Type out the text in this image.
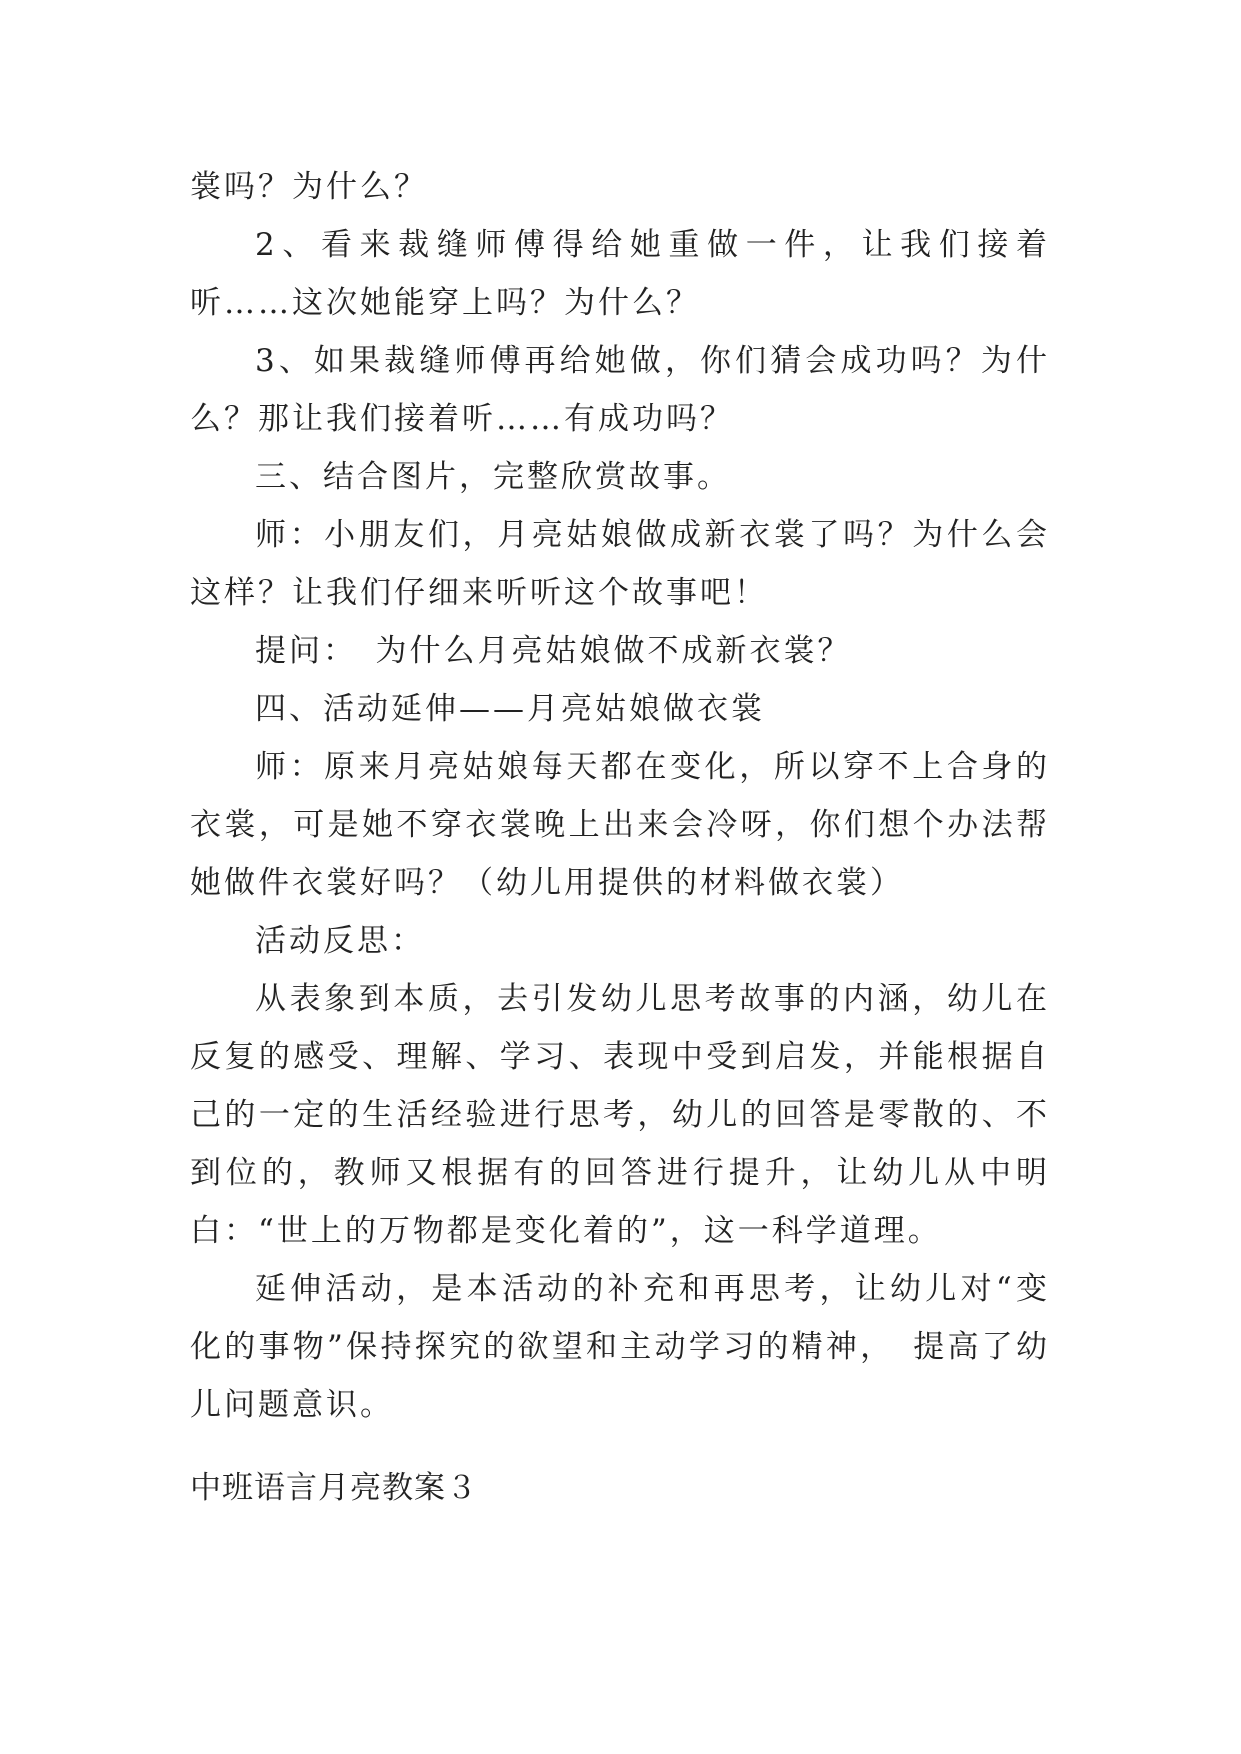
裳吗？为什么？

2、看来裁缝师傅得给她重做一件，让我们接着听……这次她能穿上吗？为什么？

3、如果裁缝师傅再给她做，你们猜会成功吗？为什么？那让我们接着听……有成功吗？

三、结合图片，完整欣赏故事。

师：小朋友们，月亮姑娘做成新衣裳了吗？为什么会这样？让我们仔细来听听这个故事吧！

提问：　为什么月亮姑娘做不成新衣裳？

四、活动延伸——月亮姑娘做衣裳

师：原来月亮姑娘每天都在变化，所以穿不上合身的衣裳，可是她不穿衣裳晚上出来会冷呀，你们想个办法帮她做件衣裳好吗？（幼儿用提供的材料做衣裳）

活动反思：

从表象到本质，去引发幼儿思考故事的内涵，幼儿在反复的感受、理解、学习、表现中受到启发，并能根据自己的一定的生活经验进行思考，幼儿的回答是零散的、不到位的，教师又根据有的回答进行提升，让幼儿从中明白：“世上的万物都是变化着的”，这一科学道理。

延伸活动，是本活动的补充和再思考，让幼儿对“变化的事物”保持探究的欲望和主动学习的精神，　提高了幼儿问题意识。

中班语言月亮教案３
